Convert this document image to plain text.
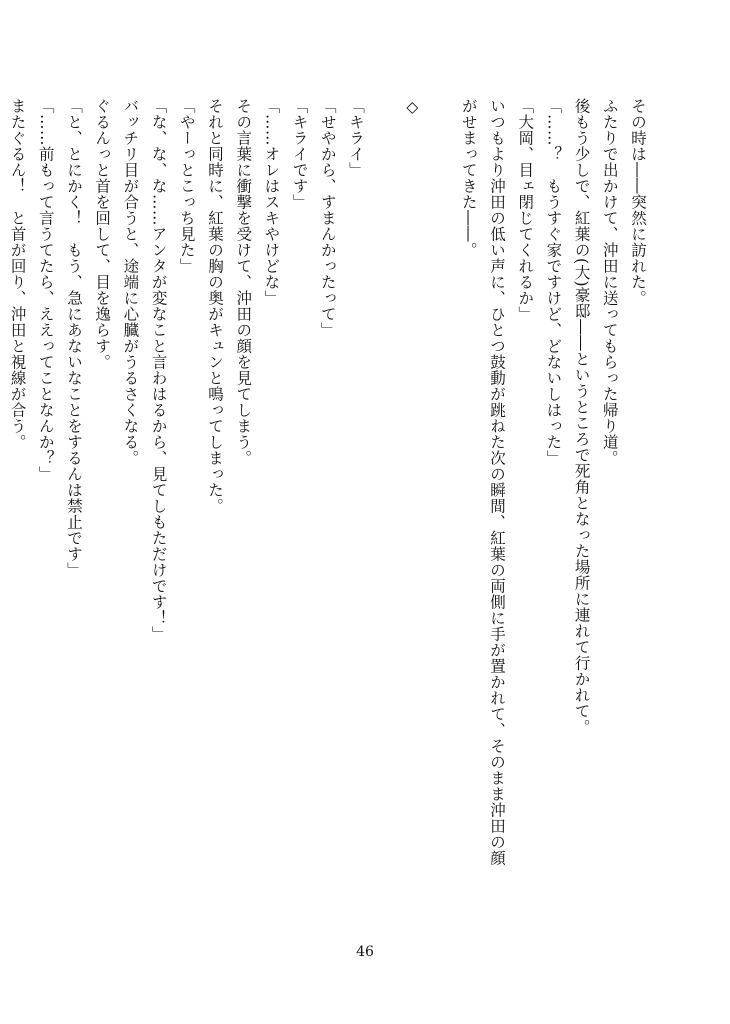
その時は――突然に訪れた。

ふたりで出かけて、沖田に送ってもらった帰り道。

後もう少しで、紅葉の(大)豪邸――というところで死角となった場所に連れて行かれて。

「……？　もうすぐ家ですけど、どないしはった」

「大岡、目ェ閉じてくれるか」

いつもより沖田の低い声に、ひとつ鼓動が跳ねた次の瞬間、紅葉の両側に手が置かれて、そのまま沖田の顔

がせまってきた――。

◇

「キライ」

「せやから、すまんかったって」

「キライです」

「……オレはスキやけどな」

その言葉に衝撃を受けて、沖田の顔を見てしまう。

それと同時に、紅葉の胸の奥がキュンと鳴ってしまった。

「やーっとこっち見た」

「な、な、な……アンタが変なこと言わはるから、見てしもただけです！」

バッチリ目が合うと、途端に心臓がうるさくなる。

ぐるんっと首を回して、目を逸らす。

「と、とにかく！　もう、急にあないなことをするんは禁止です」

「……前もって言うてたら、ええってことなんか？」

またぐるん！　と首が回り、沖田と視線が合う。

46
